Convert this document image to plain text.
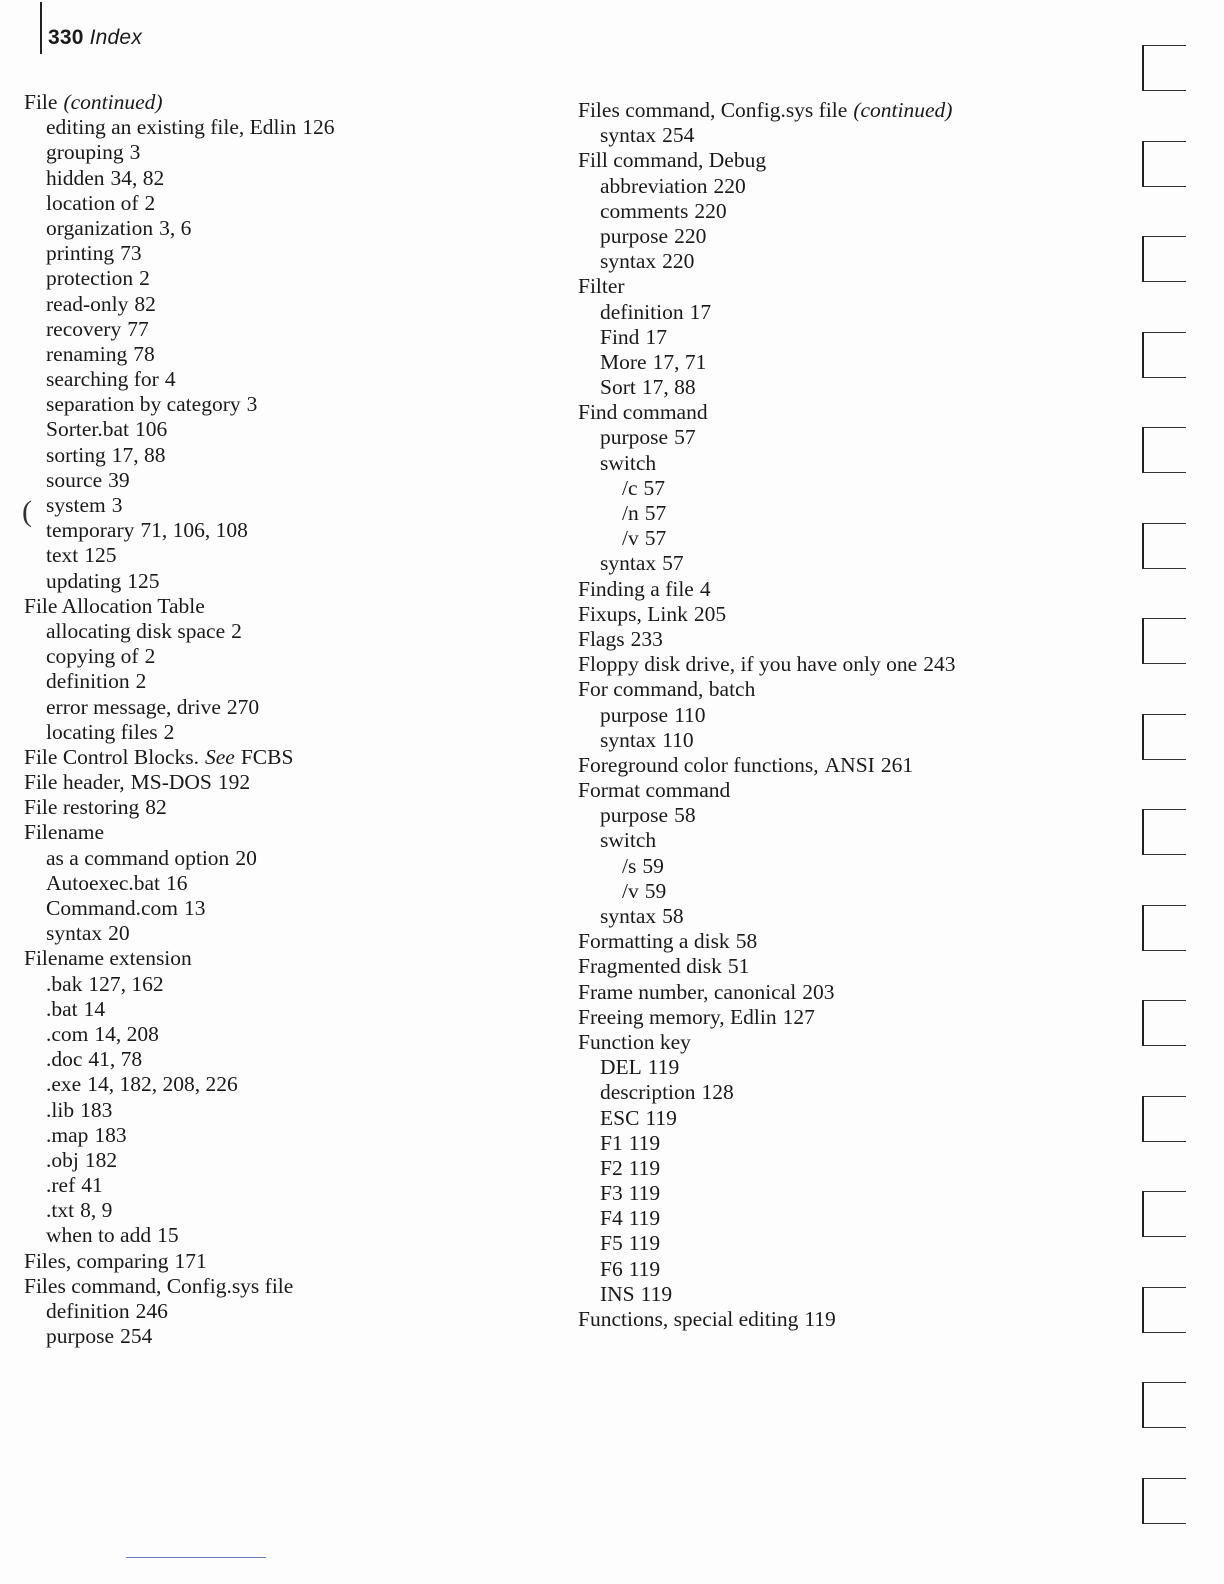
330 Index
File (continued)
editing an existing file, Edlin 126
grouping 3
hidden 34, 82
location of 2
organization 3, 6
printing 73
protection 2
read-only 82
recovery 77
renaming 78
searching for 4
separation by category 3
Sorter.bat 106
sorting 17, 88
source 39
system 3
temporary 71, 106, 108
text 125
updating 125
File Allocation Table
allocating disk space 2
copying of 2
definition 2
error message, drive 270
locating files 2
File Control Blocks. See FCBS
File header, MS-DOS 192
File restoring 82
Filename
as a command option 20
Autoexec.bat 16
Command.com 13
syntax 20
Filename extension
.bak 127, 162
.bat 14
.com 14, 208
.doc 41, 78
.exe 14, 182, 208, 226
.lib 183
.map 183
.obj 182
.ref 41
.txt 8, 9
when to add 15
Files, comparing 171
Files command, Config.sys file
definition 246
purpose 254
Files command, Config.sys file (continued)
syntax 254
Fill command, Debug
abbreviation 220
comments 220
purpose 220
syntax 220
Filter
definition 17
Find 17
More 17, 71
Sort 17, 88
Find command
purpose 57
switch
/c 57
/n 57
/v 57
syntax 57
Finding a file 4
Fixups, Link 205
Flags 233
Floppy disk drive, if you have only one 243
For command, batch
purpose 110
syntax 110
Foreground color functions, ANSI 261
Format command
purpose 58
switch
/s 59
/v 59
syntax 58
Formatting a disk 58
Fragmented disk 51
Frame number, canonical 203
Freeing memory, Edlin 127
Function key
DEL 119
description 128
ESC 119
F1 119
F2 119
F3 119
F4 119
F5 119
F6 119
INS 119
Functions, special editing 119
(
